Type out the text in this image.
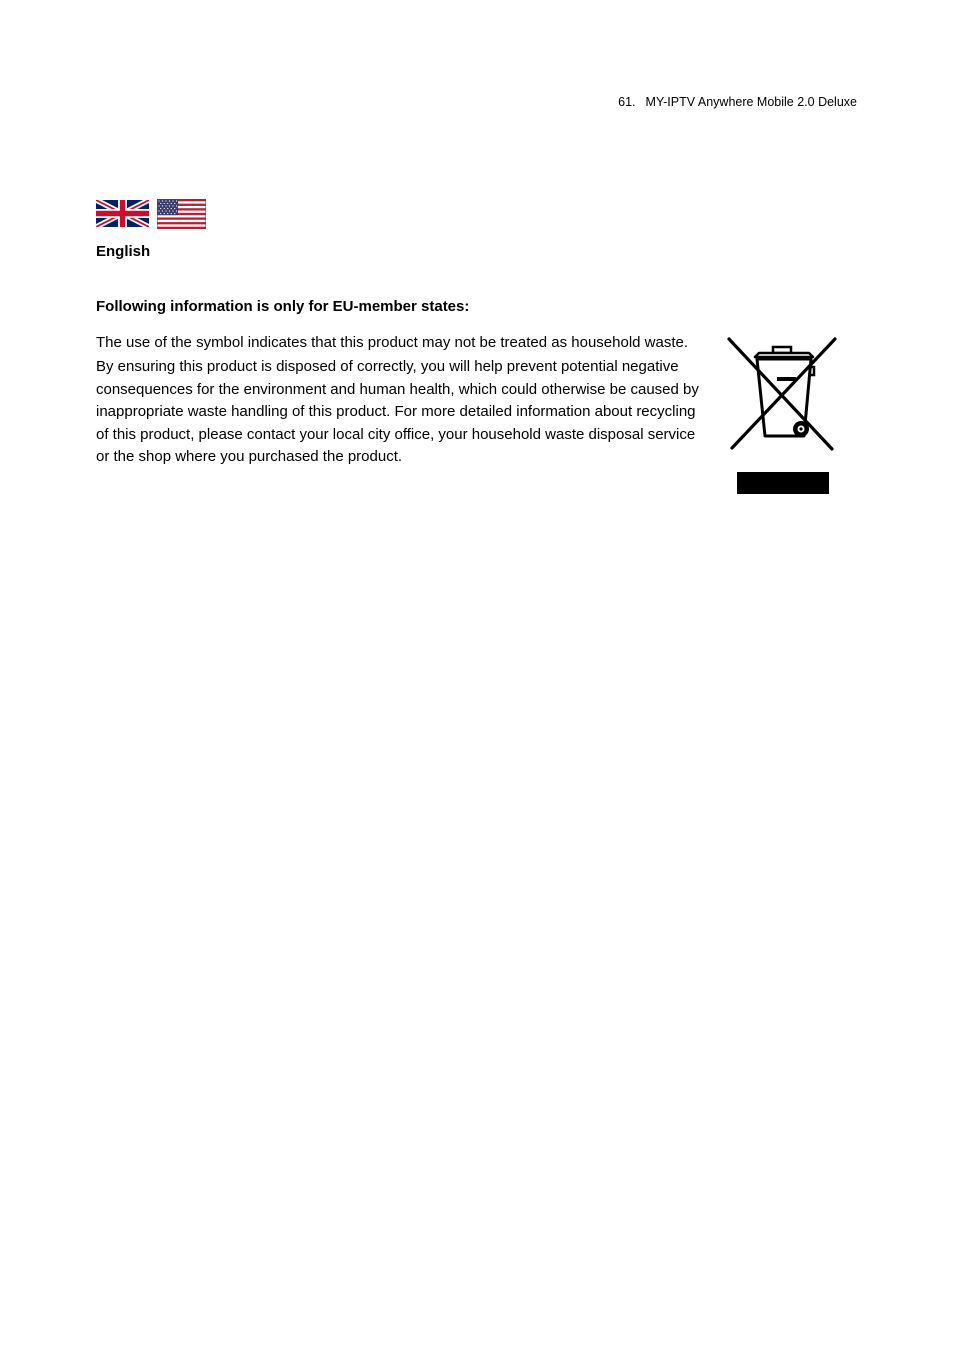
61. MY-IPTV Anywhere Mobile 2.0 Deluxe
English
Following information is only for EU-member states:

The use of the symbol indicates that this product may not be treated as household waste.

By ensuring this product is disposed of correctly, you will help prevent potential negative consequences for the environment and human health, which could otherwise be caused by inappropriate waste handling of this product. For more detailed information about recycling of this product, please contact your local city office, your household waste disposal service or the shop where you purchased the product.
